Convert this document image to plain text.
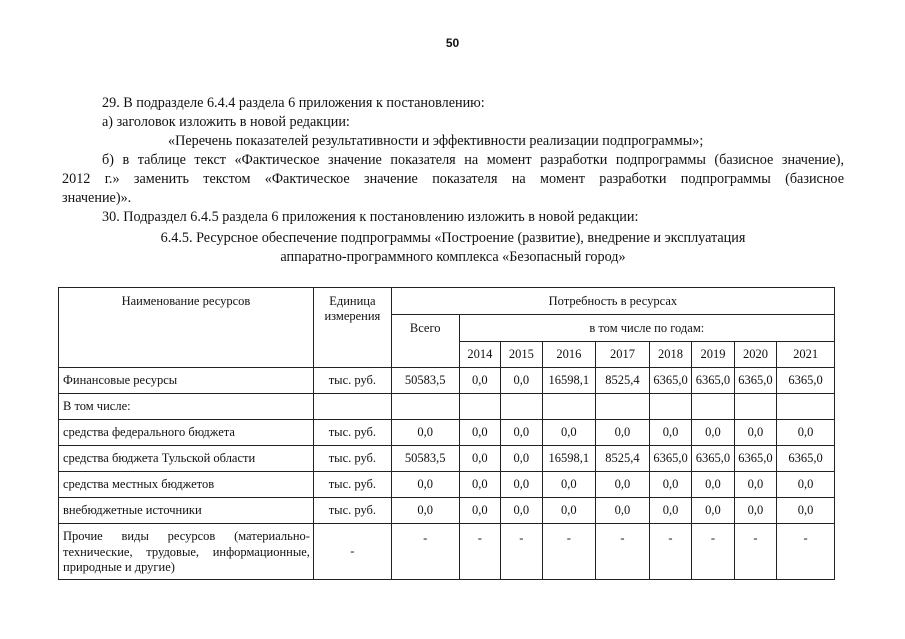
50

29. В подразделе 6.4.4 раздела 6 приложения к постановлению:

а) заголовок изложить в новой редакции:

«Перечень показателей результативности и эффективности реализации подпрограммы»;

б) в таблице текст «Фактическое значение показателя на момент разработки подпрограммы (базисное значение),
2012 г.» заменить текстом «Фактическое значение показателя на момент разработки подпрограммы (базисное
значение)».

30. Подраздел 6.4.5 раздела 6 приложения к постановлению изложить в новой редакции:

6.4.5. Ресурсное обеспечение подпрограммы «Построение (развитие), внедрение и эксплуатация
аппаратно-программного комплекса «Безопасный город»

Наименование ресурсов	Единица измерения	Потребность в ресурсах								
		Всего	в том числе по годам:							
			2014	2015	2016	2017	2018	2019	2020	2021
Финансовые ресурсы	тыс. руб.	50583,5	0,0	0,0	16598,1	8525,4	6365,0	6365,0	6365,0	6365,0
В том числе:										
средства федерального бюджета	тыс. руб.	0,0	0,0	0,0	0,0	0,0	0,0	0,0	0,0	0,0
средства бюджета Тульской области	тыс. руб.	50583,5	0,0	0,0	16598,1	8525,4	6365,0	6365,0	6365,0	6365,0
средства местных бюджетов	тыс. руб.	0,0	0,0	0,0	0,0	0,0	0,0	0,0	0,0	0,0
внебюджетные источники	тыс. руб.	0,0	0,0	0,0	0,0	0,0	0,0	0,0	0,0	0,0
Прочие виды ресурсов (материально-технические, трудовые, информационные, природные и другие)	-	-	-	-	-	-	-	-	-	-
